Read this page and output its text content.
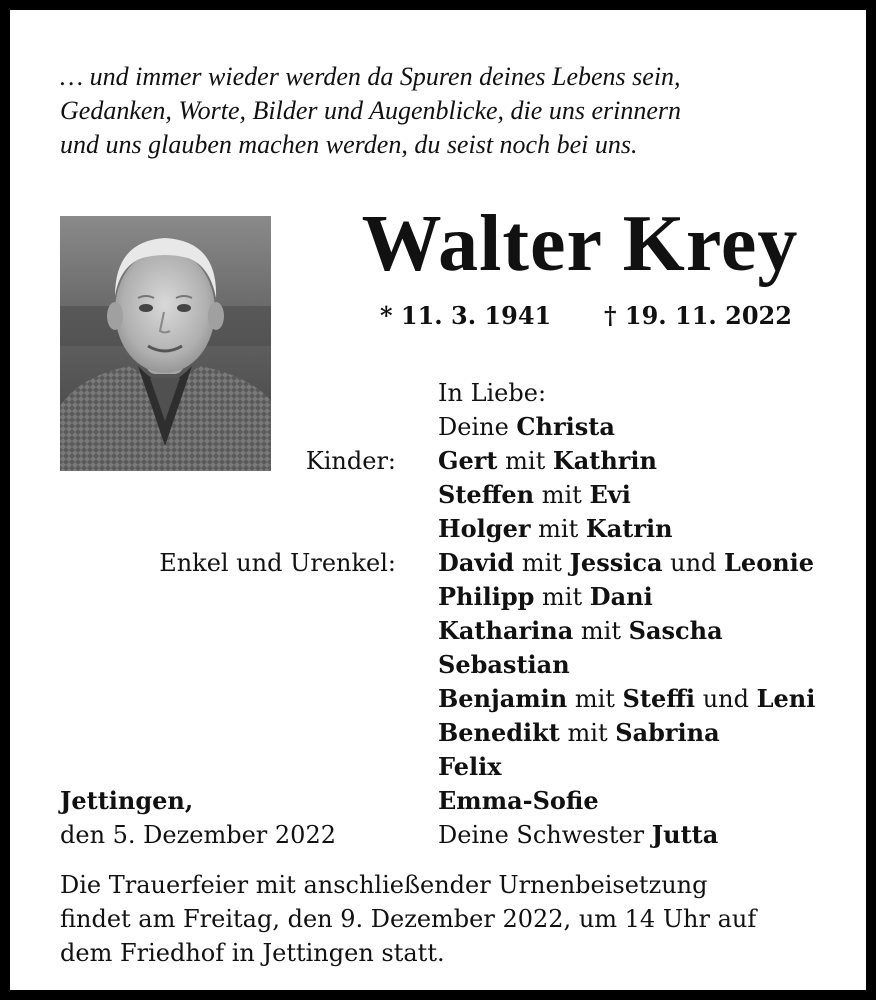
… und immer wieder werden da Spuren deines Lebens sein,
Gedanken, Worte, Bilder und Augenblicke, die uns erinnern
und uns glauben machen werden, du seist noch bei uns.
Walter Krey
* 11. 3. 1941 † 19. 11. 2022
In Liebe:
Deine Christa
Kinder: Gert mit Kathrin
Steffen mit Evi
Holger mit Katrin
Enkel und Urenkel: David mit Jessica und Leonie
Philipp mit Dani
Katharina mit Sascha
Sebastian
Benjamin mit Steffi und Leni
Benedikt mit Sabrina
Felix
Emma-Sofie
Deine Schwester Jutta
Jettingen,
den 5. Dezember 2022
Die Trauerfeier mit anschließender Urnenbeisetzung
findet am Freitag, den 9. Dezember 2022, um 14 Uhr auf
dem Friedhof in Jettingen statt.
